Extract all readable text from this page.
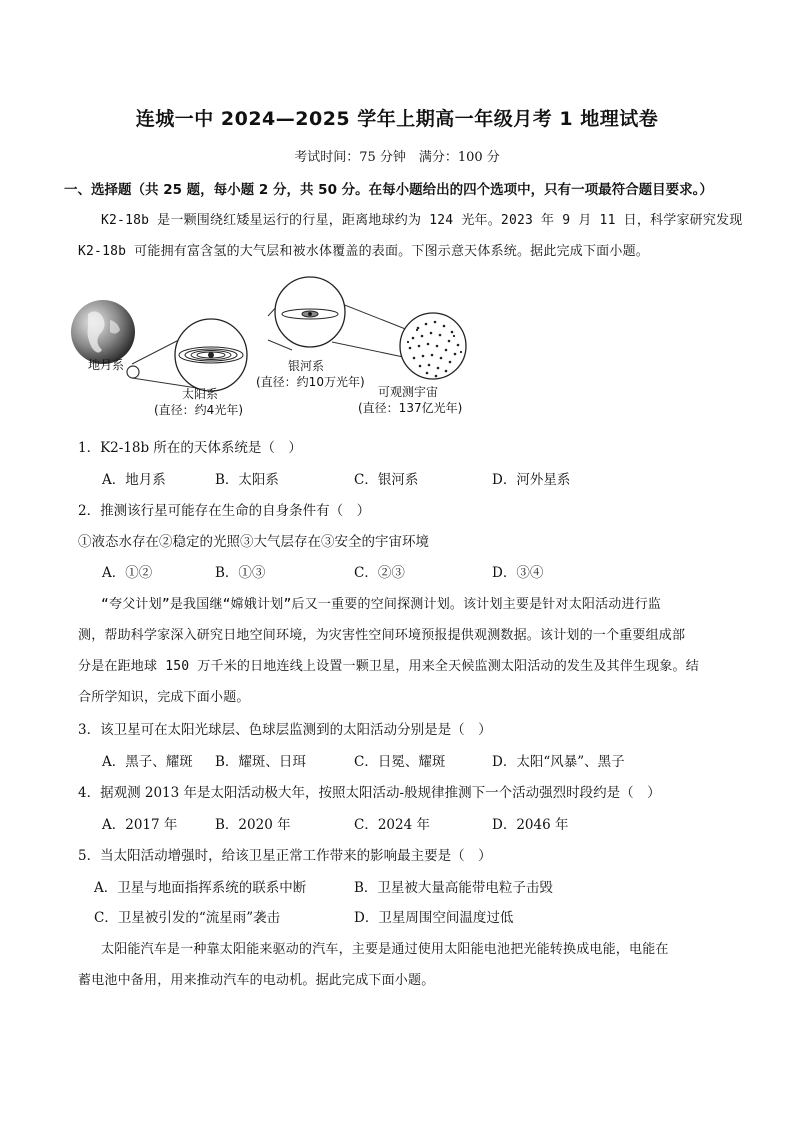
连城一中 2024—2025 学年上期高一年级月考 1 地理试卷
考试时间：75 分钟　满分：100 分
一、选择题（共 25 题，每小题 2 分，共 50 分。在每小题给出的四个选项中，只有一项最符合题目要求。）
K2-18b 是一颗围绕红矮星运行的行星，距离地球约为 124 光年。2023 年 9 月 11 日，科学家研究发现
K2-18b 可能拥有富含氢的大气层和被水体覆盖的表面。下图示意天体系统。据此完成下面小题。
地月系
太阳系
(直径：约4光年)
银河系
(直径：约10万光年)
可观测宇宙
(直径：137亿光年)
1．K2-18b 所在的天体系统是（　）
A．地月系	B．太阳系	C．银河系	D．河外星系
2．推测该行星可能存在生命的自身条件有（　）
①液态水存在②稳定的光照③大气层存在③安全的宇宙环境
A．①②	B．①③	C．②③	D．③④
“夸父计划”是我国继“嫦娥计划”后又一重要的空间探测计划。该计划主要是针对太阳活动进行监
测，帮助科学家深入研究日地空间环境，为灾害性空间环境预报提供观测数据。该计划的一个重要组成部
分是在距地球 150 万千米的日地连线上设置一颗卫星，用来全天候监测太阳活动的发生及其伴生现象。结
合所学知识，完成下面小题。
3．该卫星可在太阳光球层、色球层监测到的太阳活动分别是是（　）
A．黑子、耀斑 B．耀斑、日珥	C．日冕、耀斑	D．太阳“风暴”、黑子
4．据观测 2013 年是太阳活动极大年，按照太阳活动-般规律推测下一个活动强烈时段约是（　）
A．2017 年	B．2020 年	C．2024 年	D．2046 年
5．当太阳活动增强时，给该卫星正常工作带来的影响最主要是（　）
A．卫星与地面指挥系统的联系中断	B．卫星被大量高能带电粒子击毁
C．卫星被引发的“流星雨”袭击	D．卫星周围空间温度过低
太阳能汽车是一种靠太阳能来驱动的汽车，主要是通过使用太阳能电池把光能转换成电能，电能在
蓄电池中备用，用来推动汽车的电动机。据此完成下面小题。
